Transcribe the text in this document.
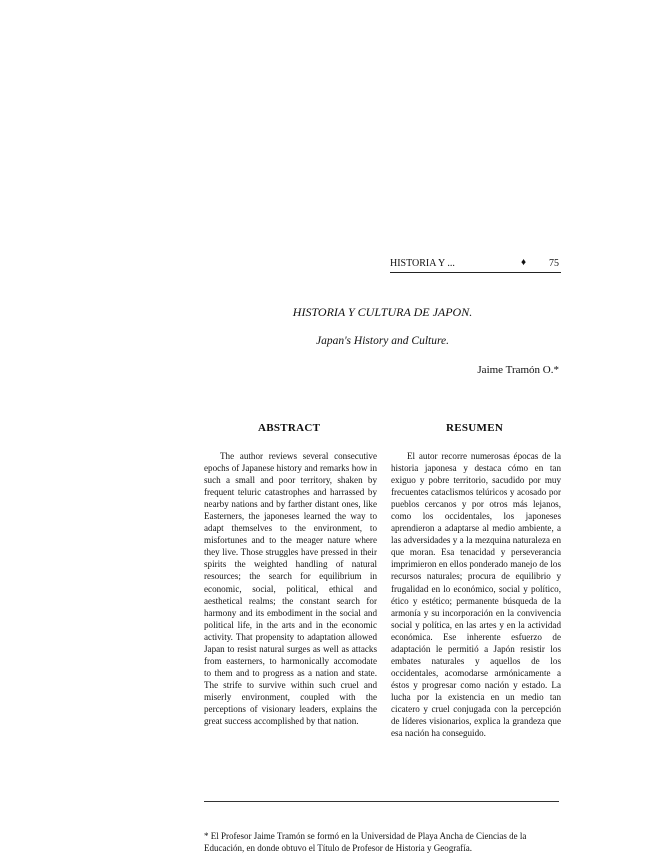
HISTORIA Y ...	♦ 75
HISTORIA Y CULTURA DE JAPON.
Japan's History and Culture.
Jaime Tramón O.*
ABSTRACT	RESUMEN

The author reviews several consecutive epochs of Japanese history and remarks how in such a small and poor territory, shaken by frequent teluric catastrophes and harrassed by nearby nations and by farther distant ones, like Easterners, the japoneses learned the way to adapt themselves to the environment, to misfortunes and to the meager nature where they live. Those struggles have pressed in their spirits the weighted handling of natural resources; the search for equilibrium in economic, social, political, ethical and aesthetical realms; the constant search for harmony and its embodiment in the social and political life, in the arts and in the economic activity. That propensity to adaptation allowed Japan to resist natural surges as well as attacks from easterners, to harmonically accomodate to them and to progress as a nation and state. The strife to survive within such cruel and miserly environment, coupled with the perceptions of visionary leaders, explains the great success accomplished by that nation.

El autor recorre numerosas épocas de la historia japonesa y destaca cómo en tan exiguo y pobre territorio, sacudido por muy frecuentes cataclismos telúricos y acosado por pueblos cercanos y por otros más lejanos, como los occidentales, los japoneses aprendieron a adaptarse al medio ambiente, a las adversidades y a la mezquina naturaleza en que moran. Esa tenacidad y perseverancia imprimieron en ellos ponderado manejo de los recursos naturales; procura de equilibrio y frugalidad en lo económico, social y político, ético y estético; permanente búsqueda de la armonía y su incorporación en la convivencia social y política, en las artes y en la actividad económica. Ese inherente esfuerzo de adaptación le permitió a Japón resistir los embates naturales y aquellos de los occidentales, acomodarse armónicamente a éstos y progresar como nación y estado. La lucha por la existencia en un medio tan cicatero y cruel conjugada con la percepción de líderes visionarios, explica la grandeza que esa nación ha conseguido.

* El Profesor Jaime Tramón se formó en la Universidad de Playa Ancha de Ciencias de la Educación, en donde obtuvo el Título de Profesor de Historia y Geografía.
